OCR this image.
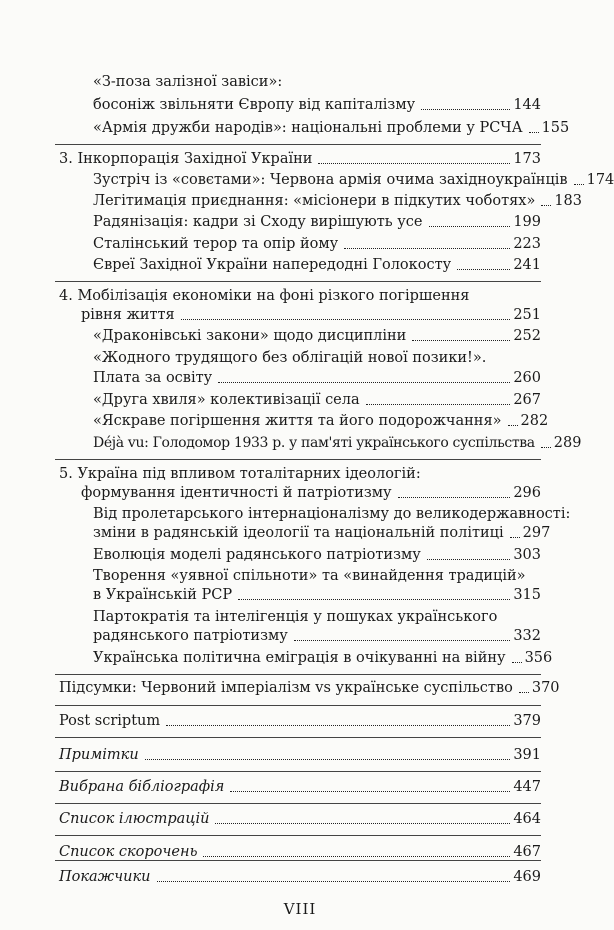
«З-поза залізної завіси»:
босоніж звільняти Європу від капіталізму	144
«Армія дружби народів»: національні проблеми у РСЧА 155
3. Інкорпорація Західної України	173
Зустріч із «совєтами»: Червона армія очима західноукраїнців 174
Легітимація приєднання: «місіонери в підкутих чоботях» 183
Радянізація: кадри зі Сходу вирішують усе	199
Сталінський терор та опір йому	223
Євреї Західної України напередодні Голокосту	241
4. Мобілізація економіки на фоні різкого погіршення
рівня життя	251
«Драконівські закони» щодо дисципліни	252
«Жодного трудящого без облігацій нової позики!».
Плата за освіту	260
«Друга хвиля» колективізації села	267
«Яскраве погіршення життя та його подорожчання» 282
Déjà vu: Голодомор 1933 р. у пам'яті українського суспільства 289
5. Україна під впливом тоталітарних ідеологій:
формування ідентичності й патріотизму	296
Від пролетарського інтернаціоналізму до великодержавності:
зміни в радянській ідеології та національній політиці 297
Еволюція моделі радянського патріотизму	303
Творення «уявної спільноти» та «винайдення традицій»
в Українській РСР	315
Партократія та інтелігенція у пошуках українського
радянського патріотизму	332
Українська політична еміграція в очікуванні на війну 356
Підсумки: Червоний імперіалізм vs українське суспільство 370
Post scriptum	379
Примітки	391
Вибрана бібліографія	447
Список ілюстрацій	464
Список скорочень	467
Покажчики	469
VIII
